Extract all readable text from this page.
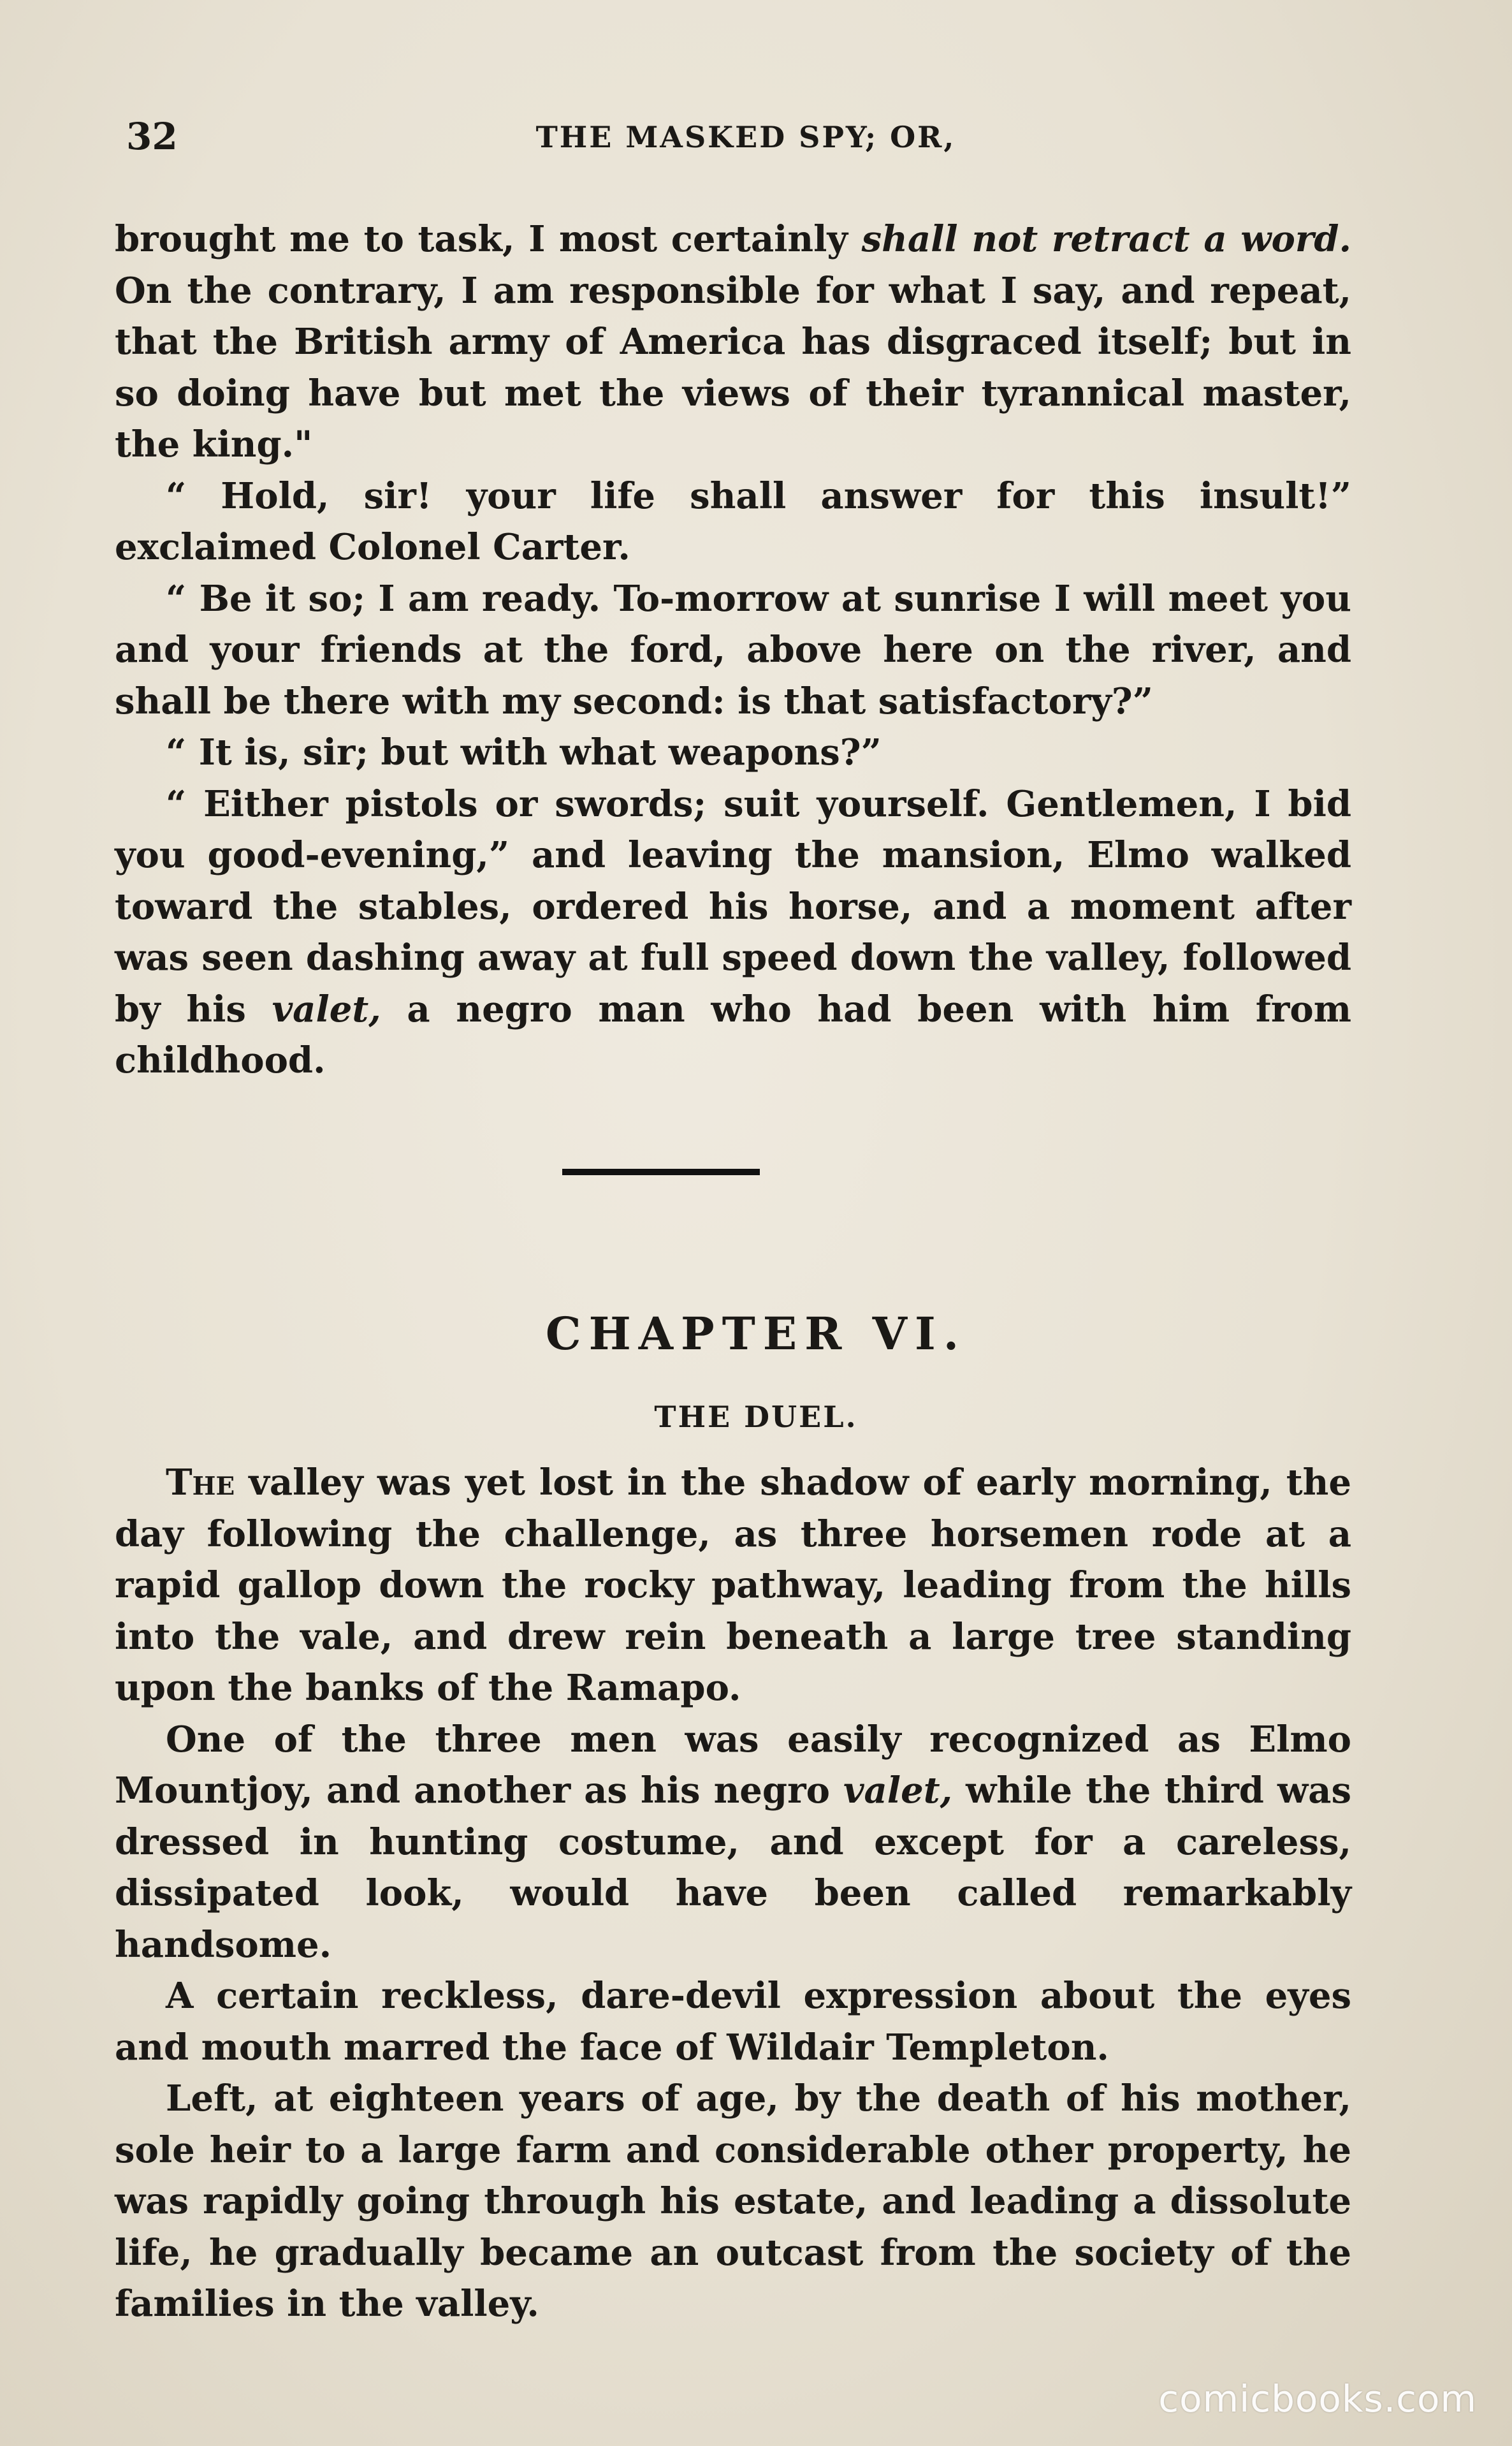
32	THE MASKED SPY; OR,

brought me to task, I most certainly shall not retract a word. On the contrary, I am responsible for what I say, and repeat, that the British army of America has disgraced itself; but in so doing have but met the views of their tyrannical master, the king."

“ Hold, sir! your life shall answer for this insult!” exclaimed Colonel Carter.

“ Be it so; I am ready. To-morrow at sunrise I will meet you and your friends at the ford, above here on the river, and shall be there with my second: is that satisfactory?”

“ It is, sir; but with what weapons?”

“ Either pistols or swords; suit yourself. Gentlemen, I bid you good-evening,” and leaving the mansion, Elmo walked toward the stables, ordered his horse, and a moment after was seen dashing away at full speed down the valley, followed by his valet, a negro man who had been with him from childhood.

CHAPTER VI.
THE DUEL.

The valley was yet lost in the shadow of early morning, the day following the challenge, as three horsemen rode at a rapid gallop down the rocky pathway, leading from the hills into the vale, and drew rein beneath a large tree standing upon the banks of the Ramapo.

One of the three men was easily recognized as Elmo Mountjoy, and another as his negro valet, while the third was dressed in hunting costume, and except for a careless, dissipated look, would have been called remarkably handsome.

A certain reckless, dare-devil expression about the eyes and mouth marred the face of Wildair Templeton.

Left, at eighteen years of age, by the death of his mother, sole heir to a large farm and considerable other property, he was rapidly going through his estate, and leading a dissolute life, he gradually became an outcast from the society of the families in the valley.

comicbooks.com
